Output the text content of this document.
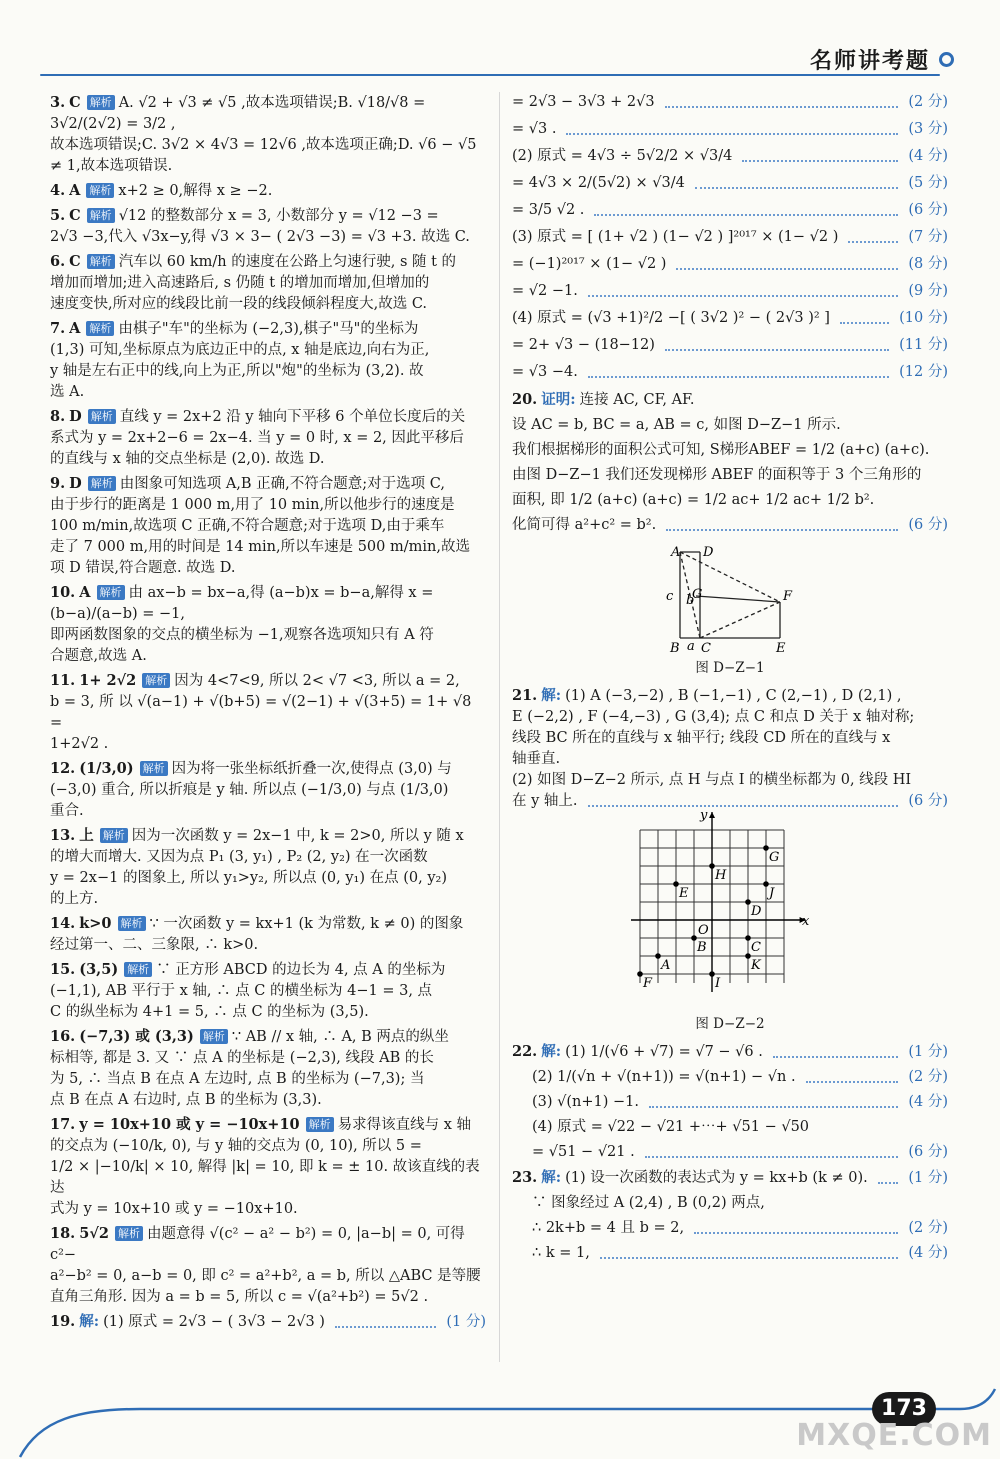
名师讲考题
3. C 解析 A. √2 + √3 ≠ √5 ,故本选项错误;B. √18/√8 = 3√2/(2√2) = 3/2 ,
故本选项错误;C. 3√2 × 4√3 = 12√6 ,故本选项正确;D. √6 − √5
≠ 1,故本选项错误.
4. A 解析 x+2 ≥ 0,解得 x ≥ −2.
5. C 解析 √12 的整数部分 x = 3, 小数部分 y = √12 −3 =
2√3 −3,代入 √3x−y,得 √3 × 3− ( 2√3 −3) = √3 +3. 故选 C.
6. C 解析 汽车以 60 km/h 的速度在公路上匀速行驶, s 随 t 的
增加而增加;进入高速路后, s 仍随 t 的增加而增加,但增加的
速度变快,所对应的线段比前一段的线段倾斜程度大,故选 C.
7. A 解析 由棋子"车"的坐标为 (−2,3),棋子"马"的坐标为
(1,3) 可知,坐标原点为底边正中的点, x 轴是底边,向右为正,
y 轴是左右正中的线,向上为正,所以"炮"的坐标为 (3,2). 故
选 A.
8. D 解析 直线 y = 2x+2 沿 y 轴向下平移 6 个单位长度后的关
系式为 y = 2x+2−6 = 2x−4. 当 y = 0 时, x = 2, 因此平移后
的直线与 x 轴的交点坐标是 (2,0). 故选 D.
9. D 解析 由图象可知选项 A,B 正确,不符合题意;对于选项 C,
由于步行的距离是 1 000 m,用了 10 min,所以他步行的速度是
100 m/min,故选项 C 正确,不符合题意;对于选项 D,由于乘车
走了 7 000 m,用的时间是 14 min,所以车速是 500 m/min,故选
项 D 错误,符合题意. 故选 D.
10. A 解析 由 ax−b = bx−a,得 (a−b)x = b−a,解得 x = (b−a)/(a−b) = −1,
即两函数图象的交点的横坐标为 −1,观察各选项知只有 A 符
合题意,故选 A.
11. 1+ 2√2 解析 因为 4<7<9, 所以 2< √7 <3, 所以 a = 2,
b = 3, 所 以 √(a−1) + √(b+5) = √(2−1) + √(3+5) = 1+ √8 =
1+2√2 .
12. (1/3,0) 解析 因为将一张坐标纸折叠一次,使得点 (3,0) 与
(−3,0) 重合, 所以折痕是 y 轴. 所以点 (−1/3,0) 与点 (1/3,0)
重合.
13. 上 解析 因为一次函数 y = 2x−1 中, k = 2>0, 所以 y 随 x
的增大而增大. 又因为点 P₁ (3, y₁) , P₂ (2, y₂) 在一次函数
y = 2x−1 的图象上, 所以 y₁>y₂, 所以点 (0, y₁) 在点 (0, y₂)
的上方.
14. k>0 解析 ∵ 一次函数 y = kx+1 (k 为常数, k ≠ 0) 的图象
经过第一、二、三象限, ∴ k>0.
15. (3,5) 解析 ∵ 正方形 ABCD 的边长为 4, 点 A 的坐标为
(−1,1), AB 平行于 x 轴, ∴ 点 C 的横坐标为 4−1 = 3, 点
C 的纵坐标为 4+1 = 5, ∴ 点 C 的坐标为 (3,5).
16. (−7,3) 或 (3,3) 解析 ∵ AB // x 轴, ∴ A, B 两点的纵坐
标相等, 都是 3. 又 ∵ 点 A 的坐标是 (−2,3), 线段 AB 的长
为 5, ∴ 当点 B 在点 A 左边时, 点 B 的坐标为 (−7,3); 当
点 B 在点 A 右边时, 点 B 的坐标为 (3,3).
17. y = 10x+10 或 y = −10x+10 解析 易求得该直线与 x 轴
的交点为 (−10/k, 0), 与 y 轴的交点为 (0, 10), 所以 5 =
1/2 × |−10/k| × 10, 解得 |k| = 10, 即 k = ± 10. 故该直线的表达
式为 y = 10x+10 或 y = −10x+10.
18. 5√2 解析 由题意得 √(c² − a² − b²) = 0, |a−b| = 0, 可得 c²−
a²−b² = 0, a−b = 0, 即 c² = a²+b², a = b, 所以 △ABC 是等腰
直角三角形. 因为 a = b = 5, 所以 c = √(a²+b²) = 5√2 .
19. 解: (1) 原式 = 2√3 − ( 3√3 − 2√3 )	(1 分)
= 2√3 − 3√3 + 2√3	(2 分)
= √3 .	(3 分)
(2) 原式 = 4√3 ÷ 5√2/2 × √3/4	(4 分)
= 4√3 × 2/(5√2) × √3/4	(5 分)
= 3/5 √2 .	(6 分)
(3) 原式 = [ (1+ √2 ) (1− √2 ) ]²⁰¹⁷ × (1− √2 )	(7 分)
= (−1)²⁰¹⁷ × (1− √2 )	(8 分)
= √2 −1.	(9 分)
(4) 原式 = (√3 +1)²/2 −[ ( 3√2 )² − ( 2√3 )² ]	(10 分)
= 2+ √3 − (18−12)	(11 分)
= √3 −4.	(12 分)
20. 证明: 连接 AC, CF, AF.
设 AC = b, BC = a, AB = c, 如图 D−Z−1 所示.
我们根据梯形的面积公式可知, S梯形ABEF = 1/2 (a+c) (a+c).
由图 D−Z−1 我们还发现梯形 ABEF 的面积等于 3 个三角形的
面积, 即 1/2 (a+c) (a+c) = 1/2 ac+ 1/2 ac+ 1/2 b².
化简可得 a²+c² = b².	(6 分)
A D
c b
G	F
B a C	E
图 D−Z−1
21. 解: (1) A (−3,−2) , B (−1,−1) , C (2,−1) , D (2,1) ,
E (−2,2) , F (−4,−3) , G (3,4); 点 C 和点 D 关于 x 轴对称;
线段 BC 所在的直线与 x 轴平行; 线段 CD 所在的直线与 x
轴垂直.
(2) 如图 D−Z−2 所示, 点 H 与点 I 的横坐标都为 0, 线段 HI
在 y 轴上.	(6 分)
x
y
O
G
H
J
E
D
B	C
A	K
F	I
图 D−Z−2
22. 解: (1) 1/(√6 + √7) = √7 − √6 .	(1 分)
(2) 1/(√n + √(n+1)) = √(n+1) − √n .	(2 分)
(3) √(n+1) −1.	(4 分)
(4) 原式 = √22 − √21 +⋯+ √51 − √50
= √51 − √21 .	(6 分)
23. 解: (1) 设一次函数的表达式为 y = kx+b (k ≠ 0).	(1 分)
∵ 图象经过 A (2,4) , B (0,2) 两点,
∴ 2k+b = 4 且 b = 2,	(2 分)
∴ k = 1,	(4 分)
173
MXQE.COM
